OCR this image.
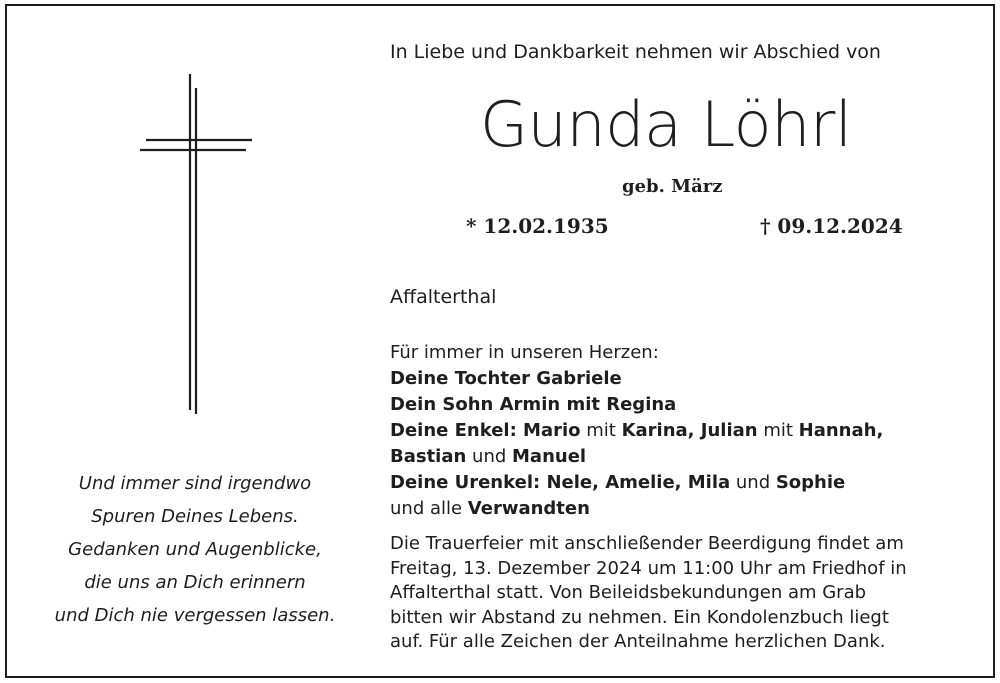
In Liebe und Dankbarkeit nehmen wir Abschied von
Gunda Löhrl
geb. März
* 12.02.1935	† 09.12.2024
Affalterthal
Für immer in unseren Herzen:
Deine Tochter Gabriele
Dein Sohn Armin mit Regina
Deine Enkel: Mario mit Karina, Julian mit Hannah,
Bastian und Manuel
Deine Urenkel: Nele, Amelie, Mila und Sophie
und alle Verwandten
Die Trauerfeier mit anschließender Beerdigung findet am
Freitag, 13. Dezember 2024 um 11:00 Uhr am Friedhof in
Affalterthal statt. Von Beileidsbekundungen am Grab
bitten wir Abstand zu nehmen. Ein Kondolenzbuch liegt
auf. Für alle Zeichen der Anteilnahme herzlichen Dank.
Und immer sind irgendwo
Spuren Deines Lebens.
Gedanken und Augenblicke,
die uns an Dich erinnern
und Dich nie vergessen lassen.
